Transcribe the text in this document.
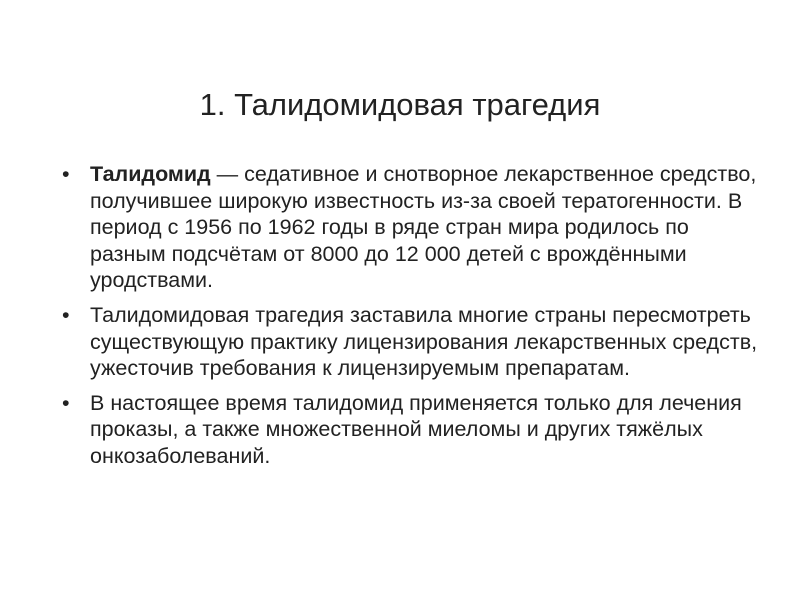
1. Талидомидовая трагедия
• Талидомид — седативное и снотворное лекарственное средство, получившее широкую известность из-за своей тератогенности. В период с 1956 по 1962 годы в ряде стран мира родилось по разным подсчётам от 8000 до 12 000 детей с врождёнными уродствами.
• Талидомидовая трагедия заставила многие страны пересмотреть существующую практику лицензирования лекарственных средств, ужесточив требования к лицензируемым препаратам.
• В настоящее время талидомид применяется только для лечения проказы, а также множественной миеломы и других тяжёлых онкозаболеваний.
